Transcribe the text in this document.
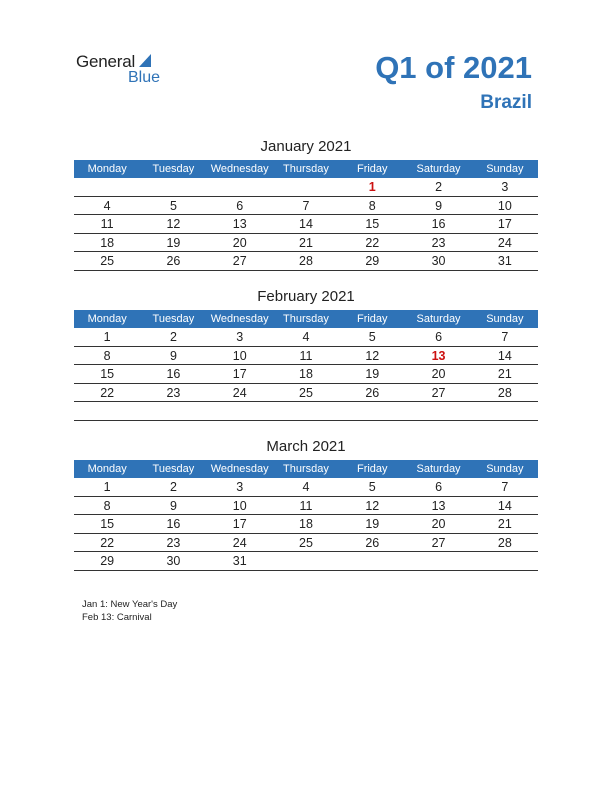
General
Blue	Q1 of 2021
Brazil
January 2021
Monday	Tuesday	Wednesday	Thursday	Friday	Saturday	Sunday
				1	2	3
4	5	6	7	8	9	10
11	12	13	14	15	16	17
18	19	20	21	22	23	24
25	26	27	28	29	30	31
February 2021
Monday	Tuesday	Wednesday	Thursday	Friday	Saturday	Sunday
1	2	3	4	5	6	7
8	9	10	11	12	13	14
15	16	17	18	19	20	21
22	23	24	25	26	27	28

March 2021
Monday	Tuesday	Wednesday	Thursday	Friday	Saturday	Sunday
1	2	3	4	5	6	7
8	9	10	11	12	13	14
15	16	17	18	19	20	21
22	23	24	25	26	27	28
29	30	31				
Jan 1: New Year's Day
Feb 13: Carnival
